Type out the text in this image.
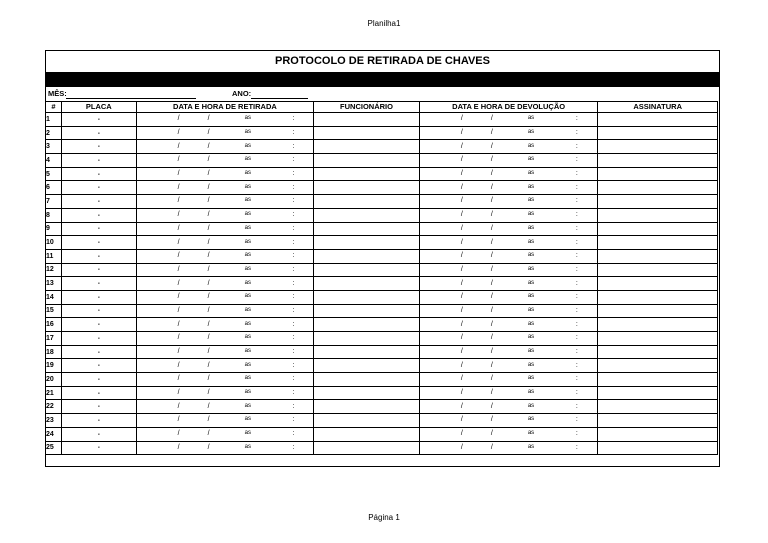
Planilha1
PROTOCOLO DE RETIRADA DE CHAVES
MÊS:	ANO:
#	PLACA	DATA E HORA DE RETIRADA	FUNCIONÁRIO	DATA E HORA DE DEVOLUÇÃO	ASSINATURA
1	-	/ / as :		/ / as :	

2	-	/ / as :		/ / as :	

3	-	/ / as :		/ / as :	

4	-	/ / as :		/ / as :	

5	-	/ / as :		/ / as :	

6	-	/ / as :		/ / as :	

7	-	/ / as :		/ / as :	

8	-	/ / as :		/ / as :	

9	-	/ / as :		/ / as :	

10	-	/ / as :		/ / as :	

11	-	/ / as :		/ / as :	

12	-	/ / as :		/ / as :	

13	-	/ / as :		/ / as :	

14	-	/ / as :		/ / as :	

15	-	/ / as :		/ / as :	

16	-	/ / as :		/ / as :	

17	-	/ / as :		/ / as :	

18	-	/ / as :		/ / as :	

19	-	/ / as :		/ / as :	

20	-	/ / as :		/ / as :	

21	-	/ / as :		/ / as :	

22	-	/ / as :		/ / as :	

23	-	/ / as :		/ / as :	

24	-	/ / as :		/ / as :	

25	-	/ / as :		/ / as :	

Página 1
